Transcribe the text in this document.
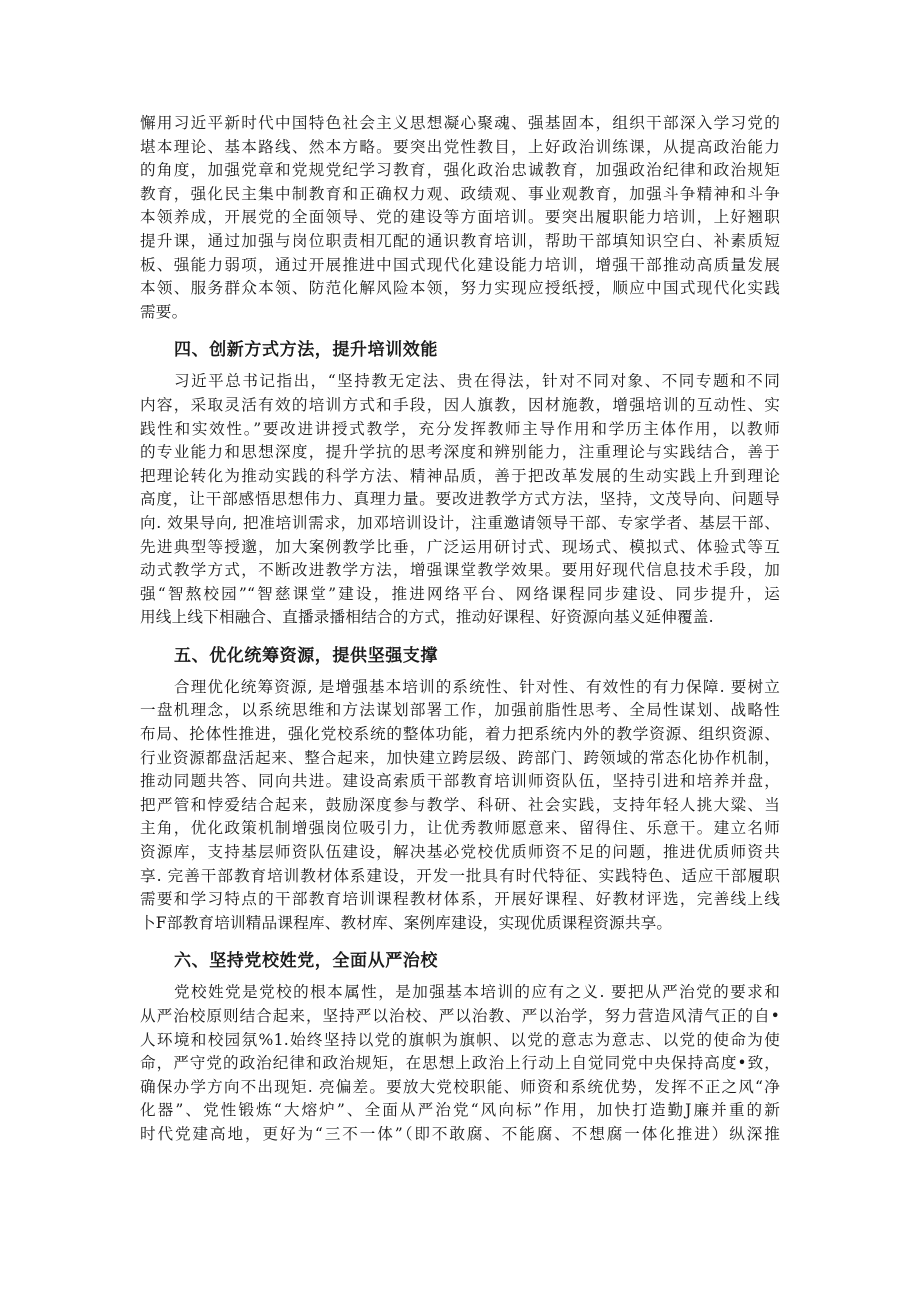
懈用习近平新时代中国特色社会主义思想凝心聚魂、强基固本，组织干部深入学习党的
堪本理论、基本路线、然本方略。要突出党性教目，上好政治训练课，从提高政治能力
的角度，加强党章和党规党纪学习教育，强化政治忠诚教育，加强政治纪律和政治规矩
教育，强化民主集中制教育和正确权力观、政绩观、事业观教育，加强斗争精神和斗争
本领养成，开展党的全面领导、党的建设等方面培训。要突出履职能力培训，上好翘职
提升课，通过加强与岗位职责相兀配的通识教育培训，帮助干部填知识空白、补素质短
板、强能力弱项，通过开展推进中国式现代化建设能力培训，增强干部推动高质量发展
本领、服务群众本领、防范化解风险本领，努力实现应授纸授，顺应中国式现代化实践
需要。
四、创新方式方法，提升培训效能
习近平总书记指出，“坚持教无定法、贵在得法，针对不同对象、不同专题和不同
内容，采取灵活有效的培训方式和手段，因人旗教，因材施教，增强培训的互动性、实
践性和实效性。”要改进讲授式教学，充分发挥教师主导作用和学历主体作用，以教师
的专业能力和思想深度，提升学抗的思考深度和辨别能力，注重理论与实践结合，善于
把理论转化为推动实践的科学方法、精神品质，善于把改革发展的生动实践上升到理论
高度，让干部感悟思想伟力、真理力量。要改进教学方式方法，坚持，文茂导向、问题导
向. 效果导向, 把准培训需求，加邓培训设计，注重邀请领导干部、专家学者、基层干部、
先进典型等授邈，加大案例教学比垂，广泛运用研讨式、现场式、模拟式、体验式等互
动式教学方式，不断改进教学方法，增强课堂教学效果。要用好现代信息技术手段，加
强“智熬校园”“智慈课堂”建设，推进网络平台、网络课程同步建设、同步提升，运
用线上线下相融合、直播录播相结合的方式，推动好课程、好资源向基义延伸覆盖.
五、优化统筹资源，提供坚强支撑
合理优化统筹资源, 是增强基本培训的系统性、针对性、有效性的有力保障. 要树立
一盘机理念，以系统思维和方法谋划部署工作，加强前脂性思考、全局性谋划、战略性
布局、抡体性推进，强化党校系统的整体功能，着力把系统内外的教学资源、组织资源、
行业资源都盘活起来、整合起来，加快建立跨层级、跨部门、跨领域的常态化协作机制，
推动同题共答、同向共进。建设高索质干部教育培训师资队伍，坚持引进和培养并盘，
把严管和悖爱结合起来，鼓励深度参与教学、科研、社会实践，支持年轻人挑大粱、当
主角，优化政策机制增强岗位吸引力，让优秀教师愿意来、留得住、乐意干。建立名师
资源库，支持基层师资队伍建设，解决基必党校优质师资不足的问题，推进优质师资共
享. 完善干部教育培训教材体系建设，开发一批具有时代特征、实践特色、适应干部履职
需要和学习特点的干部教育培训课程教材体系，开展好课程、好教材评选，完善线上线
卜F部教育培训精品课程库、教材库、案例库建设，实现优质课程资源共享。
六、坚持党校姓党，全面从严治校
党校姓党是党校的根本属性，是加强基本培训的应有之义. 要把从严治党的要求和
从严治校原则结合起来，坚持严以治校、严以治教、严以治学，努力营造风清气正的自•
人环境和校园氛%1.始终坚持以党的旗帜为旗帜、以党的意志为意志、以党的使命为使
命，严守党的政治纪律和政治规矩，在思想上政治上行动上自觉同党中央保持高度•致，
确保办学方向不出现矩. 亮偏差。要放大党校职能、师资和系统优势，发挥不正之风“净
化器”、党性锻炼“大熔炉”、全面从严治党“风向标”作用，加快打造勤J廉并重的新
时代党建高地，更好为“三不一体”（即不敢腐、不能腐、不想腐一体化推进）纵深推
